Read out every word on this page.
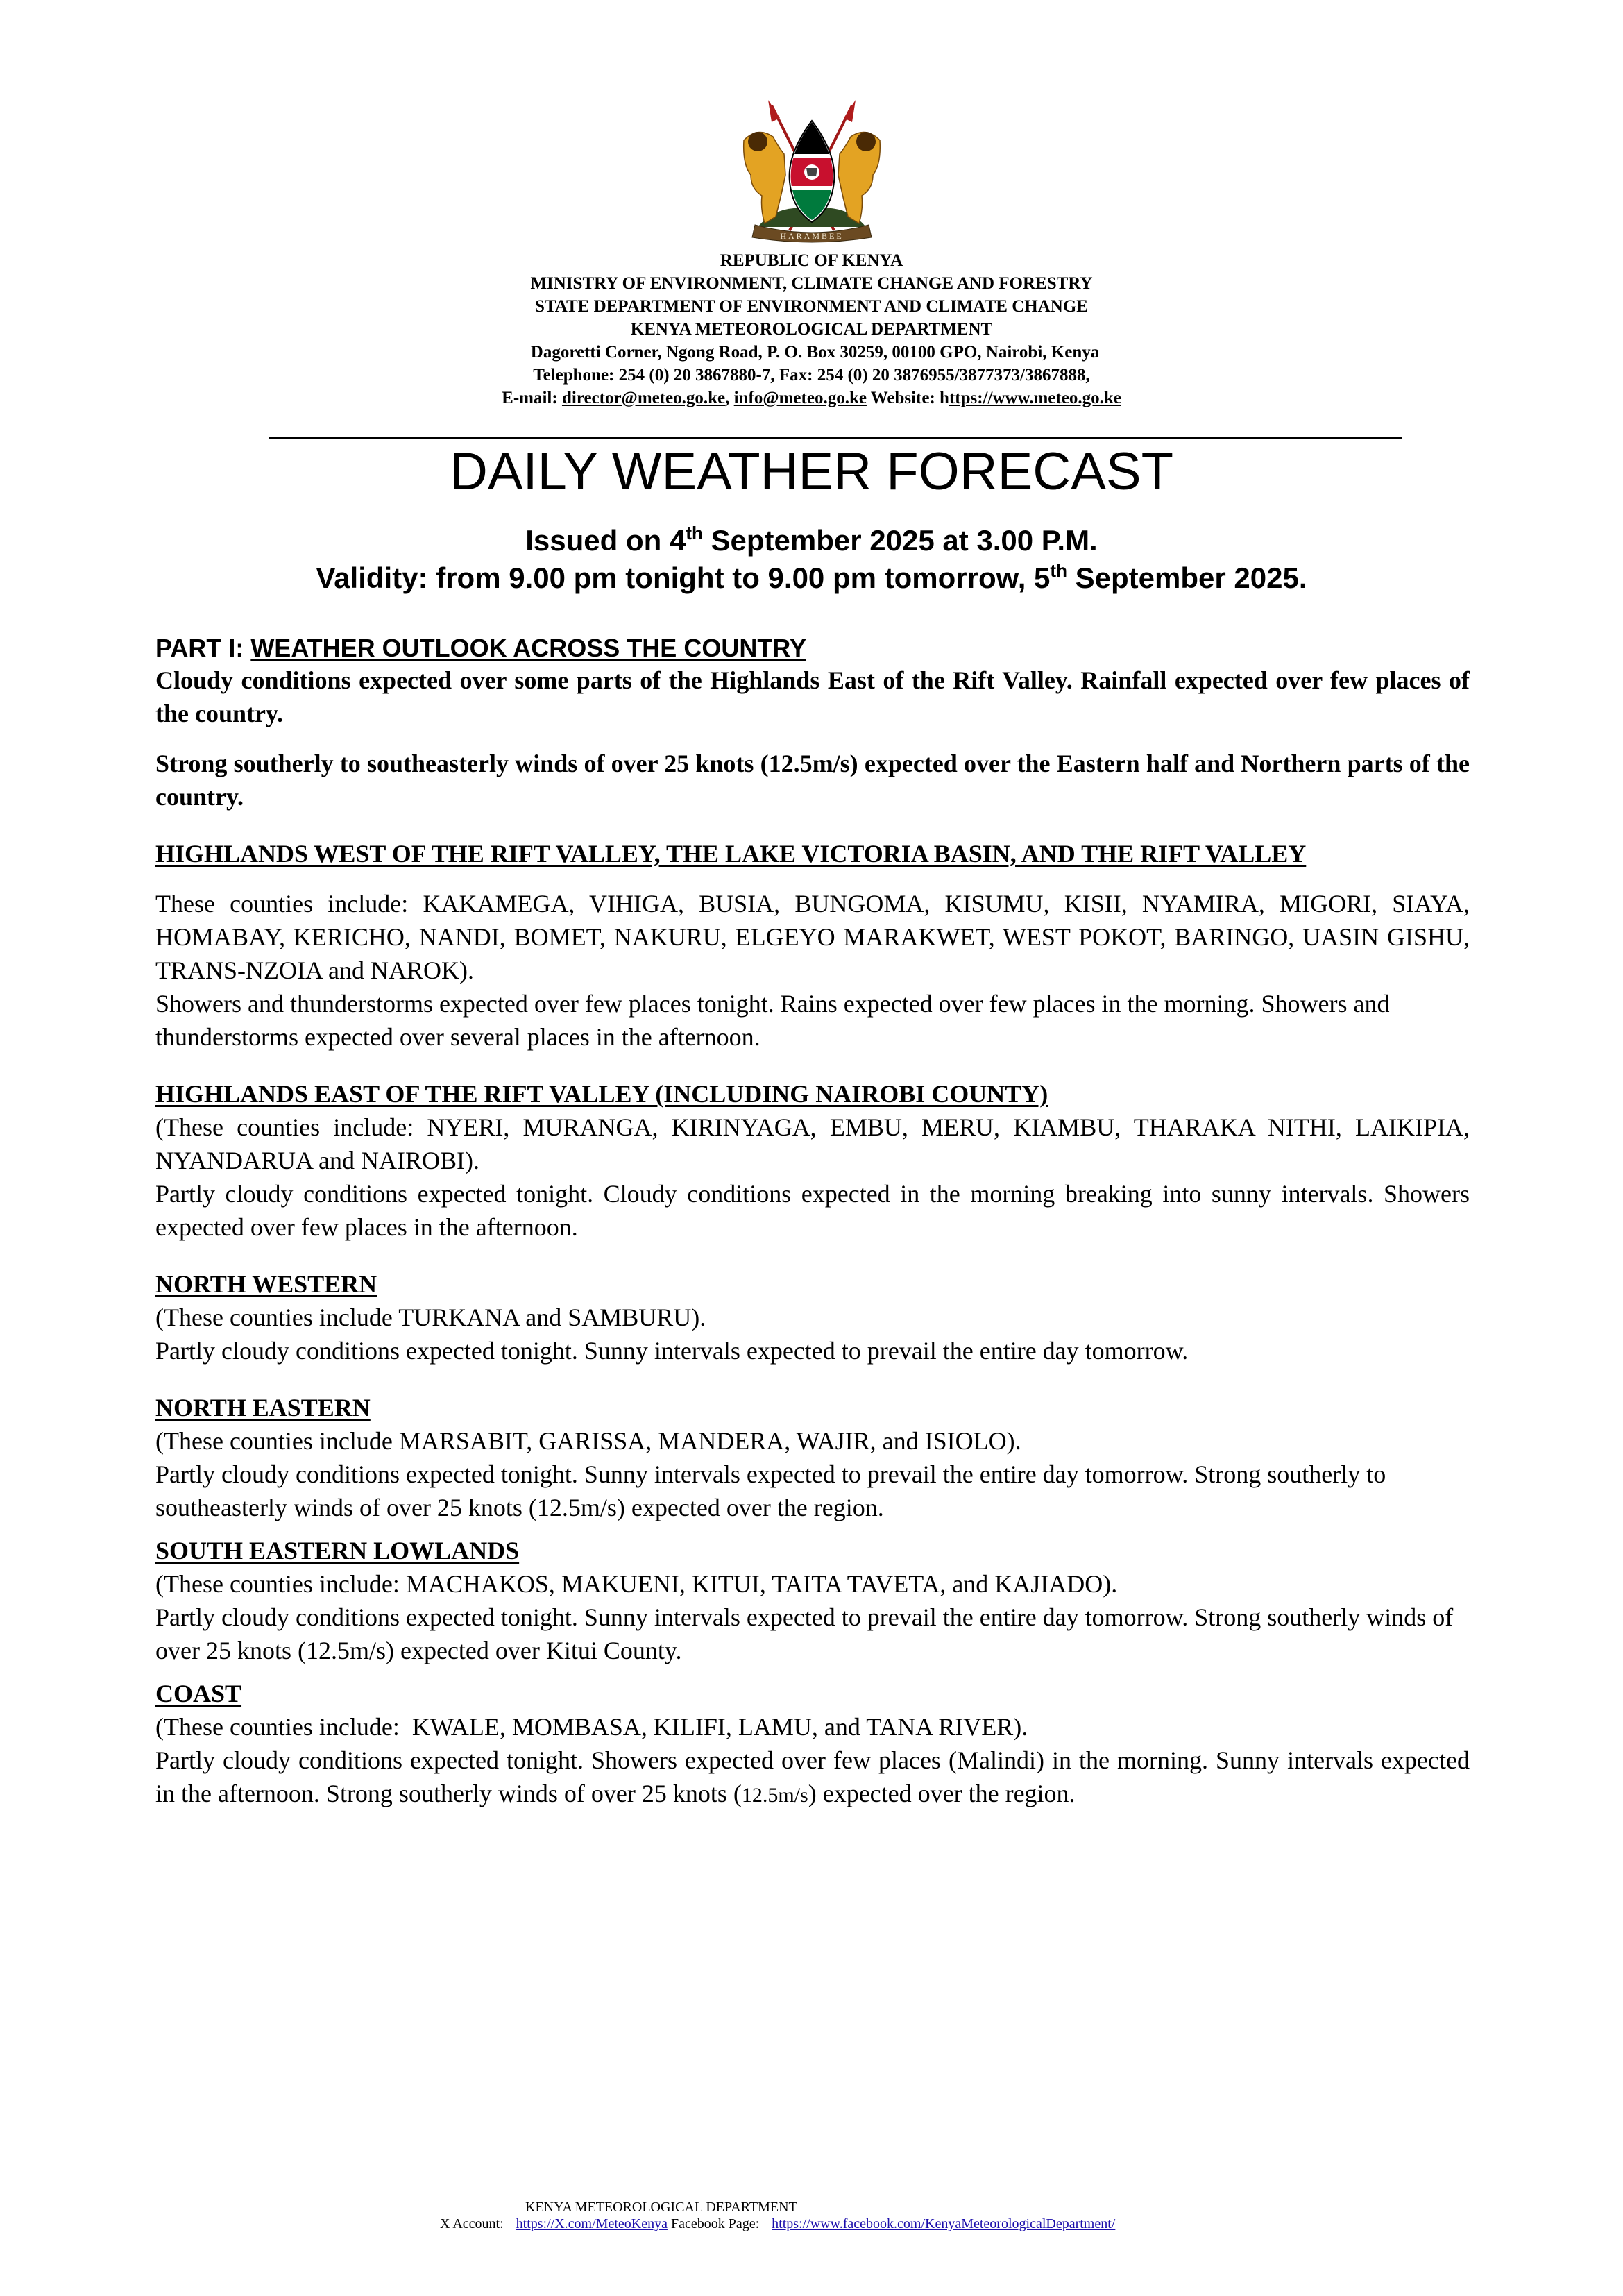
HARAMBEE
REPUBLIC OF KENYA
MINISTRY OF ENVIRONMENT, CLIMATE CHANGE AND FORESTRY
STATE DEPARTMENT OF ENVIRONMENT AND CLIMATE CHANGE
KENYA METEOROLOGICAL DEPARTMENT
Dagoretti Corner, Ngong Road, P. O. Box 30259, 00100 GPO, Nairobi, Kenya
Telephone: 254 (0) 20 3867880-7, Fax: 254 (0) 20 3876955/3877373/3867888,
E-mail: director@meteo.go.ke, info@meteo.go.ke Website: https://www.meteo.go.ke
DAILY WEATHER FORECAST
Issued on 4th September 2025 at 3.00 P.M.
Validity: from 9.00 pm tonight to 9.00 pm tomorrow, 5th September 2025.
PART I: WEATHER OUTLOOK ACROSS THE COUNTRY

Cloudy conditions expected over some parts of the Highlands East of the Rift Valley. Rainfall expected over few places of the country.

Strong southerly to southeasterly winds of over 25 knots (12.5m/s) expected over the Eastern half and Northern parts of the country.

HIGHLANDS WEST OF THE RIFT VALLEY, THE LAKE VICTORIA BASIN, AND THE RIFT VALLEY

These counties include: KAKAMEGA, VIHIGA, BUSIA, BUNGOMA, KISUMU, KISII, NYAMIRA, MIGORI, SIAYA, HOMABAY, KERICHO, NANDI, BOMET, NAKURU, ELGEYO MARAKWET, WEST POKOT, BARINGO, UASIN GISHU, TRANS-NZOIA and NAROK).

Showers and thunderstorms expected over few places tonight. Rains expected over few places in the morning. Showers and thunderstorms expected over several places in the afternoon.

HIGHLANDS EAST OF THE RIFT VALLEY (INCLUDING NAIROBI COUNTY)

(These counties include: NYERI, MURANGA, KIRINYAGA, EMBU, MERU, KIAMBU, THARAKA NITHI, LAIKIPIA, NYANDARUA and NAIROBI).

Partly cloudy conditions expected tonight. Cloudy conditions expected in the morning breaking into sunny intervals. Showers expected over few places in the afternoon.

NORTH WESTERN

(These counties include TURKANA and SAMBURU).

Partly cloudy conditions expected tonight. Sunny intervals expected to prevail the entire day tomorrow.

NORTH EASTERN

(These counties include MARSABIT, GARISSA, MANDERA, WAJIR, and ISIOLO).

Partly cloudy conditions expected tonight. Sunny intervals expected to prevail the entire day tomorrow. Strong southerly to southeasterly winds of over 25 knots (12.5m/s) expected over the region.

SOUTH EASTERN LOWLANDS

(These counties include: MACHAKOS, MAKUENI, KITUI, TAITA TAVETA, and KAJIADO).

Partly cloudy conditions expected tonight. Sunny intervals expected to prevail the entire day tomorrow. Strong southerly winds of over 25 knots (12.5m/s) expected over Kitui County.

COAST

(These counties include:  KWALE, MOMBASA, KILIFI, LAMU, and TANA RIVER).

Partly cloudy conditions expected tonight. Showers expected over few places (Malindi) in the morning. Sunny intervals expected in the afternoon. Strong southerly winds of over 25 knots (12.5m/s) expected over the region.

KENYA METEOROLOGICAL DEPARTMENT
X Account: https://X.com/MeteoKenya Facebook Page: https://www.facebook.com/KenyaMeteorologicalDepartment/
